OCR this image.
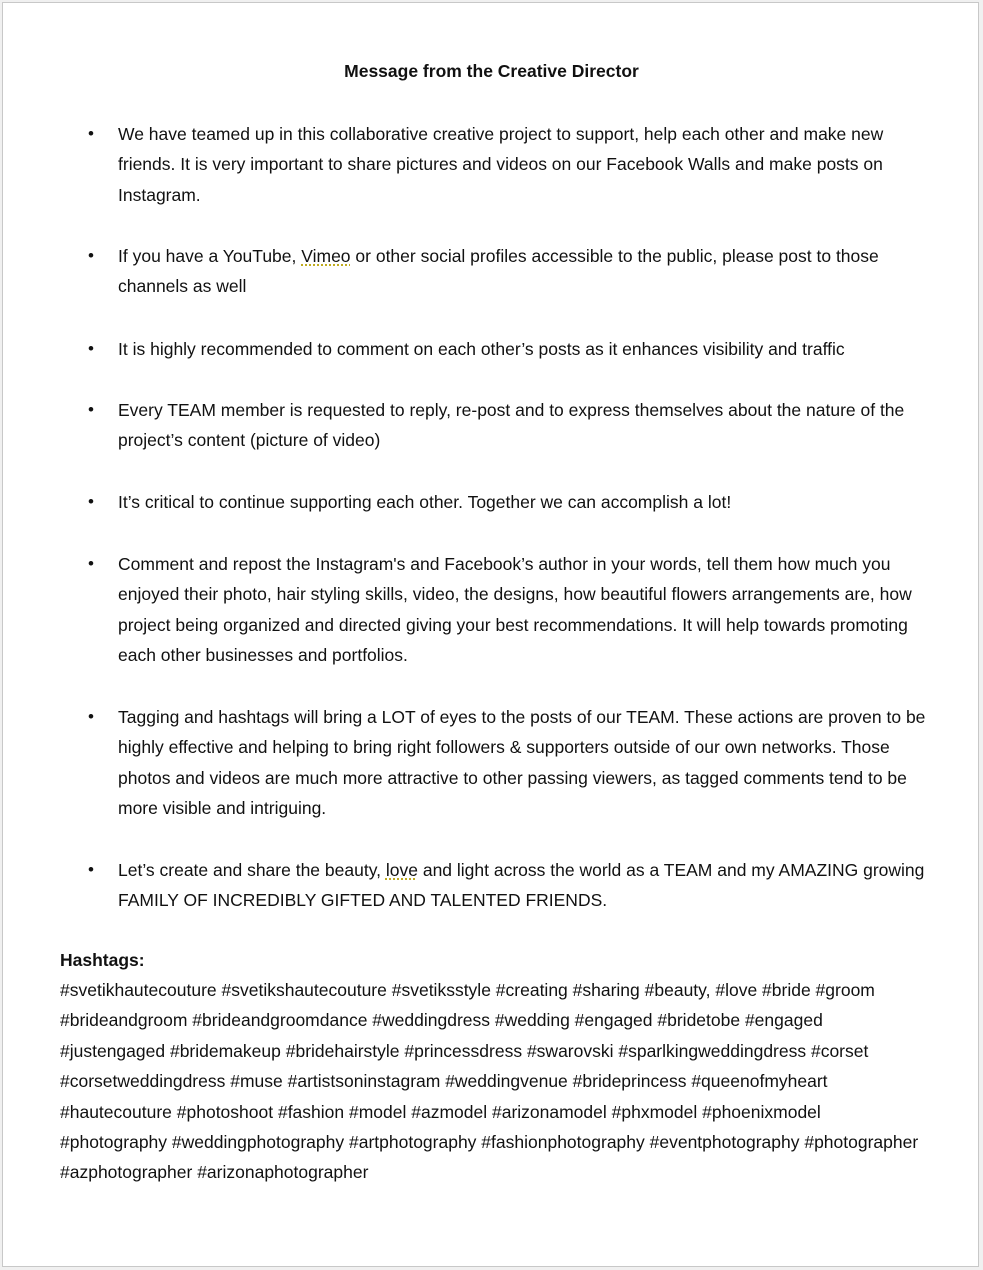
Message from the Creative Director
•	We have teamed up in this collaborative creative project to support, help each other and make new friends. It is very important to share pictures and videos on our Facebook Walls and make posts on Instagram.
•	If you have a YouTube, Vimeo or other social profiles accessible to the public, please post to those channels as well
•	It is highly recommended to comment on each other’s posts as it enhances visibility and traffic
•	Every TEAM member is requested to reply, re-post and to express themselves about the nature of the project’s content (picture of video)
•	It’s critical to continue supporting each other. Together we can accomplish a lot!
•	Comment and repost the Instagram's and Facebook’s author in your words, tell them how much you enjoyed their photo, hair styling skills, video, the designs, how beautiful flowers arrangements are, how project being organized and directed giving your best recommendations. It will help towards promoting each other businesses and portfolios.
•	Tagging and hashtags will bring a LOT of eyes to the posts of our TEAM. These actions are proven to be highly effective and helping to bring right followers & supporters outside of our own networks. Those photos and videos are much more attractive to other passing viewers, as tagged comments tend to be more visible and intriguing.
•	Let’s create and share the beauty, love and light across the world as a TEAM and my AMAZING growing FAMILY OF INCREDIBLY GIFTED AND TALENTED FRIENDS.
Hashtags:
#svetikhautecouture #svetikshautecouture #svetiksstyle #creating #sharing #beauty, #love #bride #groom
#brideandgroom #brideandgroomdance #weddingdress #wedding #engaged #bridetobe #engaged
#justengaged #bridemakeup #bridehairstyle #princessdress #swarovski #sparlkingweddingdress #corset
#corsetweddingdress #muse #artistsoninstagram #weddingvenue #brideprincess #queenofmyheart
#hautecouture #photoshoot #fashion #model #azmodel #arizonamodel #phxmodel #phoenixmodel
#photography #weddingphotography #artphotography #fashionphotography #eventphotography #photographer
#azphotographer #arizonaphotographer
